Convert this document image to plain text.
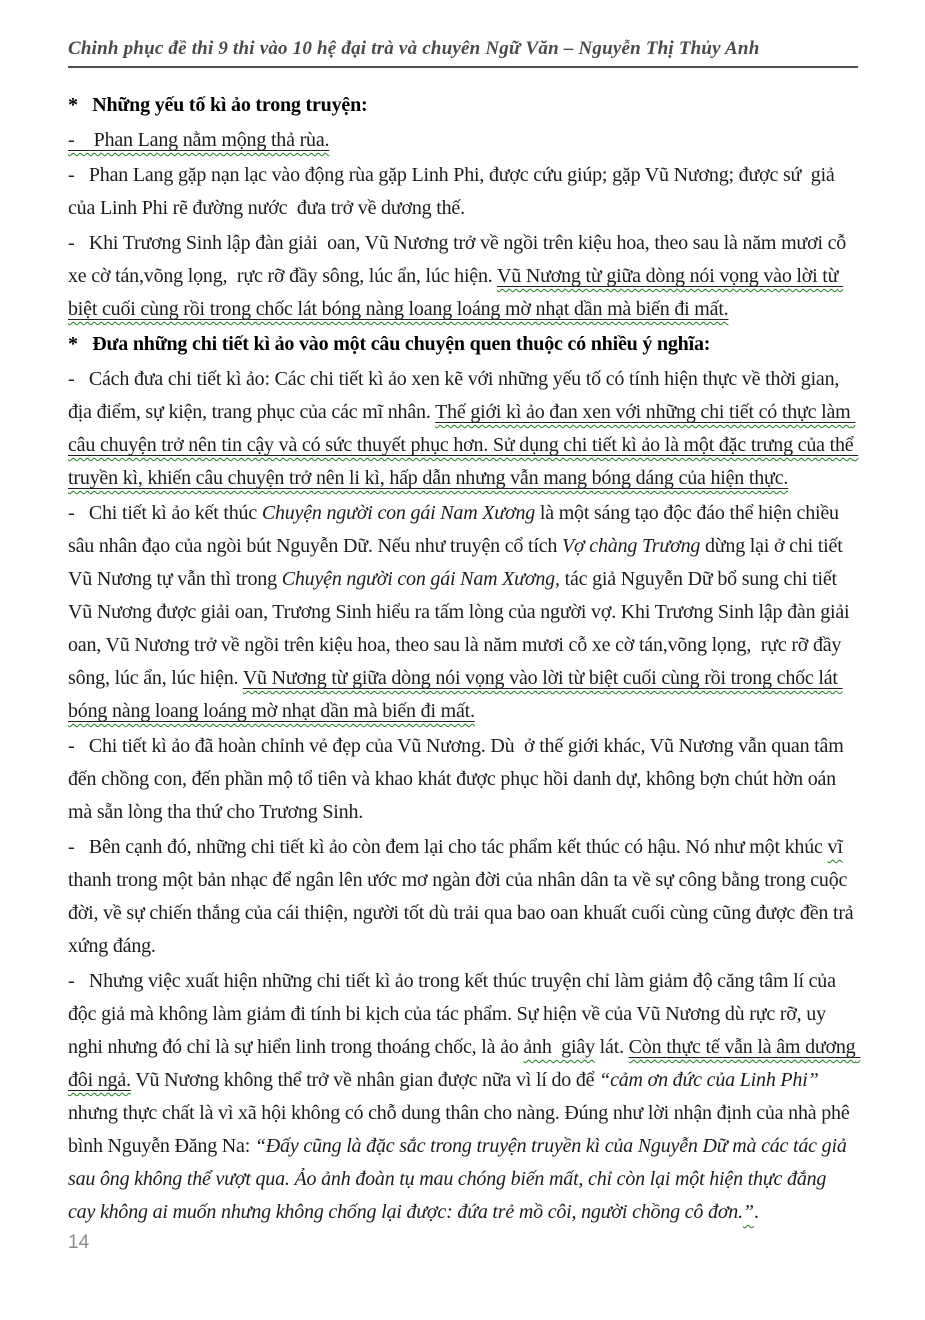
Chinh phục đề thi 9 thi vào 10 hệ đại trà và chuyên Ngữ Văn – Nguyễn Thị Thủy Anh

*   Những yếu tố kì ảo trong truyện:

-    Phan Lang nằm mộng thả rùa.

-   Phan Lang gặp nạn lạc vào động rùa gặp Linh Phi, được cứu giúp; gặp Vũ Nương; được sứ  giả của Linh Phi rẽ đường nước  đưa trở về dương thế.

-   Khi Trương Sinh lập đàn giải  oan, Vũ Nương trở về ngồi trên kiệu hoa, theo sau là năm mươi cỗ xe cờ tán,võng lọng,  rực rỡ đầy sông, lúc ẩn, lúc hiện. Vũ Nương từ giữa dòng nói vọng vào lời từ biệt cuối cùng rồi trong chốc lát bóng nàng loang loáng mờ nhạt dần mà biến đi mất.

*   Đưa những chi tiết kì ảo vào một câu chuyện quen thuộc có nhiều ý nghĩa:

-   Cách đưa chi tiết kì ảo: Các chi tiết kì ảo xen kẽ với những yếu tố có tính hiện thực về thời gian, địa điểm, sự kiện, trang phục của các mĩ nhân. Thế giới kì ảo đan xen với những chi tiết có thực làm câu chuyện trở nên tin cậy và có sức thuyết phục hơn. Sử dụng chi tiết kì ảo là một đặc trưng của thể truyền kì, khiến câu chuyện trở nên li kì, hấp dẫn nhưng vẫn mang bóng dáng của hiện thực.

-   Chi tiết kì ảo kết thúc Chuyện người con gái Nam Xương là một sáng tạo độc đáo thể hiện chiều sâu nhân đạo của ngòi bút Nguyễn Dữ. Nếu như truyện cổ tích Vợ chàng Trương dừng lại ở chi tiết Vũ Nương tự vẫn thì trong Chuyện người con gái Nam Xương, tác giả Nguyễn Dữ bổ sung chi tiết Vũ Nương được giải oan, Trương Sinh hiểu ra tấm lòng của người vợ. Khi Trương Sinh lập đàn giải  oan, Vũ Nương trở về ngồi trên kiệu hoa, theo sau là năm mươi cỗ xe cờ tán,võng lọng,  rực rỡ đầy sông, lúc ẩn, lúc hiện. Vũ Nương từ giữa dòng nói vọng vào lời từ biệt cuối cùng rồi trong chốc lát bóng nàng loang loáng mờ nhạt dần mà biến đi mất.

-   Chi tiết kì ảo đã hoàn chỉnh vẻ đẹp của Vũ Nương. Dù  ở thế giới khác, Vũ Nương vẫn quan tâm đến chồng con, đến phần mộ tổ tiên và khao khát được phục hồi danh dự, không bợn chút hờn oán mà sẵn lòng tha thứ cho Trương Sinh.

-   Bên cạnh đó, những chi tiết kì ảo còn đem lại cho tác phẩm kết thúc có hậu. Nó như một khúc vĩ thanh trong một bản nhạc để ngân lên ước mơ ngàn đời của nhân dân ta về sự công bằng trong cuộc đời, về sự chiến thắng của cái thiện, người tốt dù trải qua bao oan khuất cuối cùng cũng được đền trả xứng đáng.

-   Nhưng việc xuất hiện những chi tiết kì ảo trong kết thúc truyện chỉ làm giảm độ căng tâm lí của độc giả mà không làm giảm đi tính bi kịch của tác phẩm. Sự hiện về của Vũ Nương dù rực rỡ, uy nghi nhưng đó chỉ là sự hiển linh trong thoáng chốc, là ảo ảnh  giây lát. Còn thực tế vẫn là âm dương đôi ngả. Vũ Nương không thể trở về nhân gian được nữa vì lí do để “cảm ơn đức của Linh Phi” nhưng thực chất là vì xã hội không có chỗ dung thân cho nàng. Đúng như lời nhận định của nhà phê bình Nguyễn Đăng Na: “Đấy cũng là đặc sắc trong truyện truyền kì của Nguyễn Dữ mà các tác giả sau ông không thể vượt qua. Ảo ảnh đoàn tụ mau chóng biến mất, chỉ còn lại một hiện thực đắng cay không ai muốn nhưng không chống lại được: đứa trẻ mồ côi, người chồng cô đơn.”.

14
